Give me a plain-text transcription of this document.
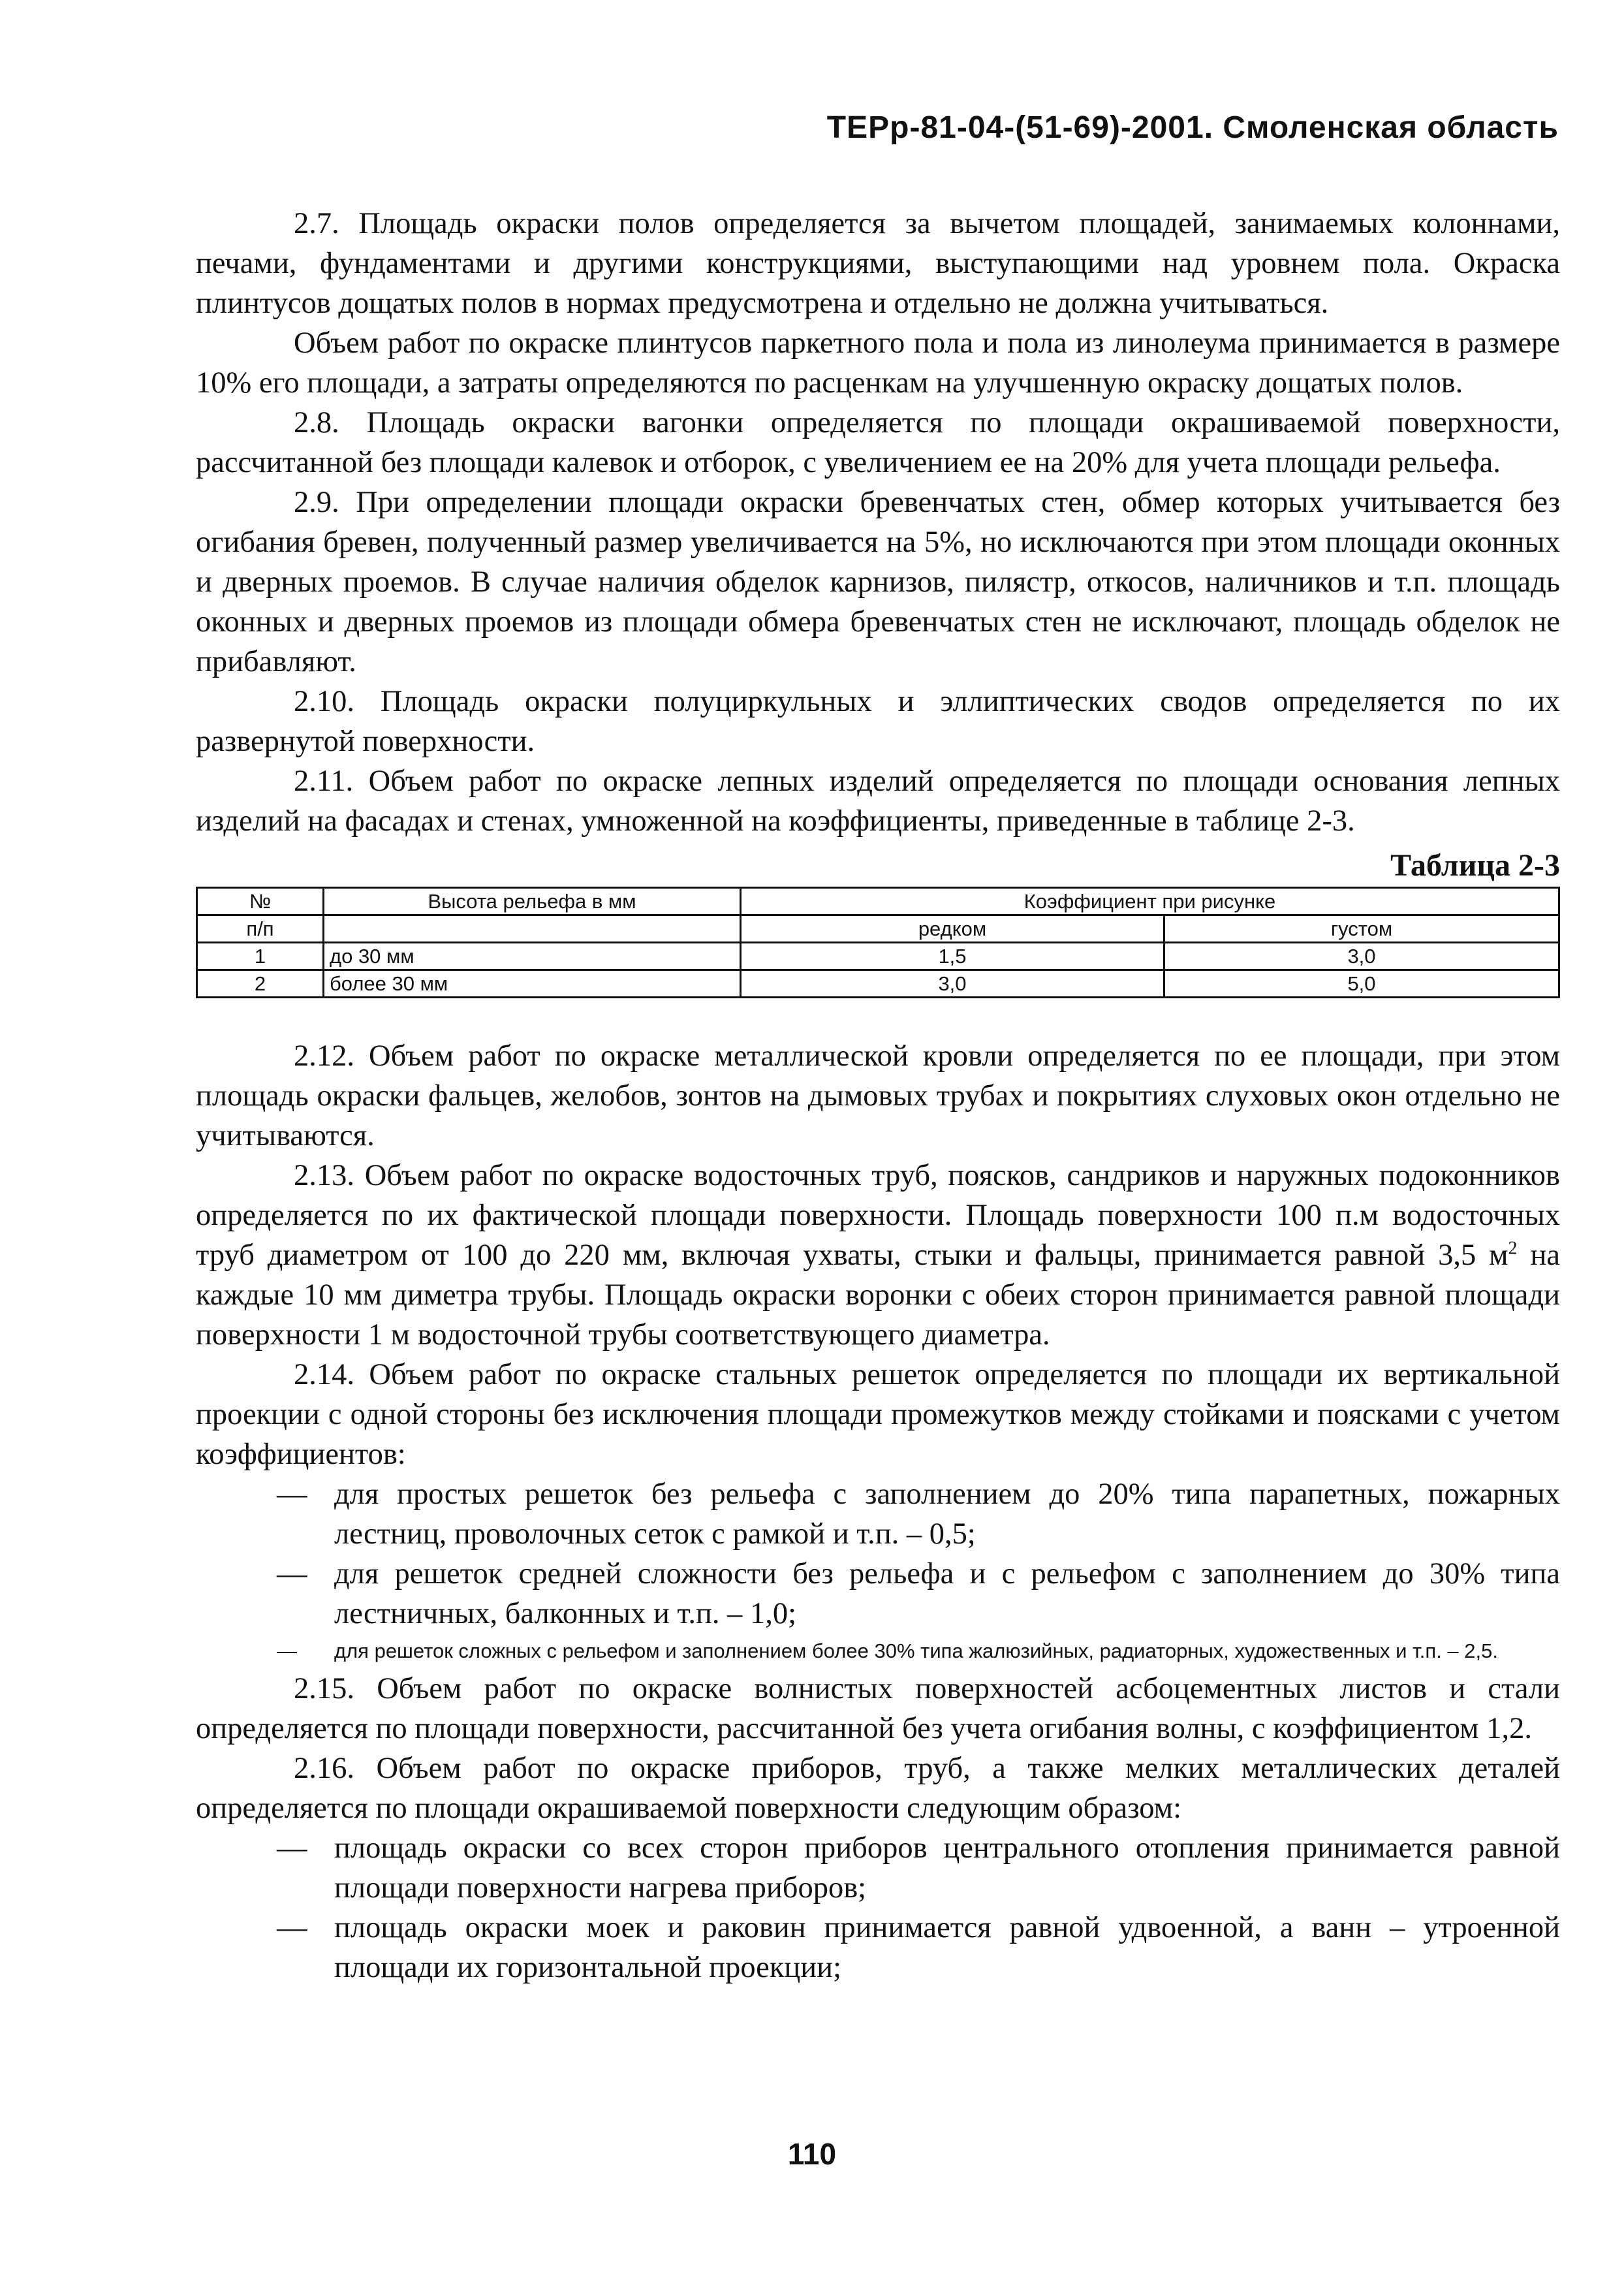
ТЕРр-81-04-(51-69)-2001. Смоленская область

2.7. Площадь окраски полов определяется за вычетом площадей, занимаемых колоннами, печами, фундаментами и другими конструкциями, выступающими над уровнем пола. Окраска плинтусов дощатых полов в нормах предусмотрена и отдельно не должна учитываться.

Объем работ по окраске плинтусов паркетного пола и пола из линолеума принимается в размере 10% его площади, а затраты определяются по расценкам на улучшенную окраску дощатых полов.

2.8. Площадь окраски вагонки определяется по площади окрашиваемой поверхности, рассчитанной без площади калевок и отборок, с увеличением ее на 20% для учета площади рельефа.

2.9. При определении площади окраски бревенчатых стен, обмер которых учитывается без огибания бревен, полученный размер увеличивается на 5%, но исключаются при этом площади оконных и дверных проемов. В случае наличия обделок карнизов, пилястр, откосов, наличников и т.п. площадь оконных и дверных проемов из площади обмера бревенчатых стен не исключают, площадь обделок не прибавляют.

2.10. Площадь окраски полуциркульных и эллиптических сводов определяется по их развернутой поверхности.

2.11. Объем работ по окраске лепных изделий определяется по площади основания лепных изделий на фасадах и стенах, умноженной на коэффициенты, приведенные в таблице 2-3.

Таблица 2-3
№	Высота рельефа в мм	Коэффициент при рисунке	
п/п		редком	густом
1	до 30 мм	1,5	3,0
2	более 30 мм	3,0	5,0

2.12. Объем работ по окраске металлической кровли определяется по ее площади, при этом площадь окраски фальцев, желобов, зонтов на дымовых трубах и покрытиях слуховых окон отдельно не учитываются.

2.13. Объем работ по окраске водосточных труб, поясков, сандриков и наружных подоконников определяется по их фактической площади поверхности. Площадь поверхности 100 п.м водосточных труб диаметром от 100 до 220 мм, включая ухваты, стыки и фальцы, принимается равной 3,5 $м^2$ на каждые 10 мм диметра трубы. Площадь окраски воронки с обеих сторон принимается равной площади поверхности 1 м водосточной трубы соответствующего диаметра.

2.14. Объем работ по окраске стальных решеток определяется по площади их вертикальной проекции с одной стороны без исключения площади промежутков между стойками и поясками с учетом коэффициентов:

— для простых решеток без рельефа с заполнением до 20% типа парапетных, пожарных лестниц, проволочных сеток с рамкой и т.п. – 0,5;
— для решеток средней сложности без рельефа и с рельефом с заполнением до 30% типа лестничных, балконных и т.п. – 1,0;
— для решеток сложных с рельефом и заполнением более 30% типа жалюзийных, радиаторных, художественных и т.п. – 2,5.

2.15. Объем работ по окраске волнистых поверхностей асбоцементных листов и стали определяется по площади поверхности, рассчитанной без учета огибания волны, с коэффициентом 1,2.

2.16. Объем работ по окраске приборов, труб, а также мелких металлических деталей определяется по площади окрашиваемой поверхности следующим образом:

— площадь окраски со всех сторон приборов центрального отопления принимается равной площади поверхности нагрева приборов;
— площадь окраски моек и раковин принимается равной удвоенной, а ванн – утроенной площади их горизонтальной проекции;
110
